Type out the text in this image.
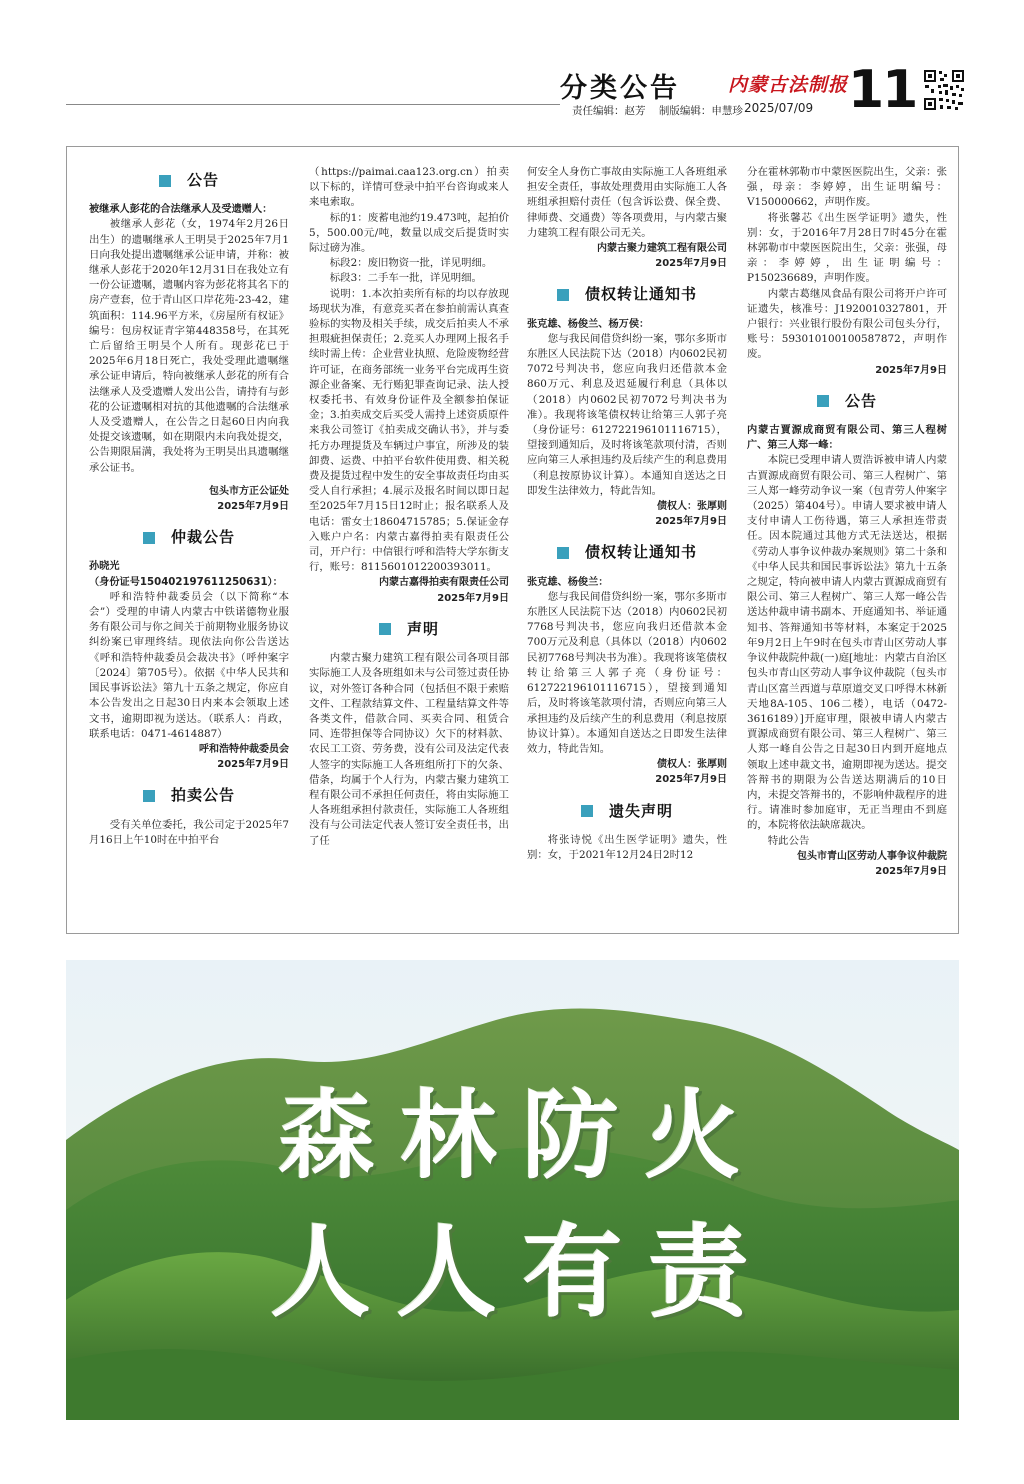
分类公告	内蒙古法制报 11
责任编辑：赵芳 制版编辑：申慧珍 2025/07/09
公告
被继承人彭花的合法继承人及受遗赠人：
被继承人彭花（女，1974年2月26日出生）的遗嘱继承人王明昊于2025年7月1日向我处提出遗嘱继承公证申请，并称：被继承人彭花于2020年12月31日在我处立有一份公证遗嘱，遗嘱内容为彭花将其名下的房产壹套，位于青山区口岸花苑-23-42，建筑面积：114.96平方米，《房屋所有权证》编号：包房权证青字第448358号，在其死亡后留给王明昊个人所有。现彭花已于2025年6月18日死亡，我处受理此遗嘱继承公证申请后，特向被继承人彭花的所有合法继承人及受遗赠人发出公告，请持有与彭花的公证遗嘱相对抗的其他遗嘱的合法继承人及受遗赠人，在公告之日起60日内向我处提交该遗嘱，如在期限内未向我处提交，公告期限届满，我处将为王明昊出具遗嘱继承公证书。
包头市方正公证处
2025年7月9日
仲裁公告
孙晓光
（身份证号150402197611250631）：
呼和浩特仲裁委员会（以下简称“本会”）受理的申请人内蒙古中铁诺德物业服务有限公司与你之间关于前期物业服务协议纠纷案已审理终结。现依法向你公告送达《呼和浩特仲裁委员会裁决书》（呼仲案字〔2024〕第705号）。依据《中华人民共和国民事诉讼法》第九十五条之规定，你应自本公告发出之日起30日内来本会领取上述文书，逾期即视为送达。（联系人：肖政，联系电话：0471-4614887）
呼和浩特仲裁委员会
2025年7月9日
拍卖公告
受有关单位委托，我公司定于2025年7月16日上午10时在中拍平台
（https://paimai.caa123.org.cn）拍卖以下标的，详情可登录中拍平台咨询或来人来电索取。
标的1：废蓄电池约19.473吨，起拍价5，500.00元/吨，数量以成交后提货时实际过磅为准。
标段2：废旧物资一批，详见明细。
标段3：二手车一批，详见明细。
说明：1.本次拍卖所有标的均以存放现场现状为准，有意竞买者在参拍前需认真查验标的实物及相关手续，成交后拍卖人不承担瑕疵担保责任；2.竞买人办理网上报名手续时需上传：企业营业执照、危险废物经营许可证，在商务部统一业务平台完成再生资源企业备案、无行贿犯罪查询记录、法人授权委托书、有效身份证件及全额参拍保证金；3.拍卖成交后买受人需持上述资质原件来我公司签订《拍卖成交确认书》，并与委托方办理提货及车辆过户事宜，所涉及的装卸费、运费、中拍平台软件使用费、相关税费及提货过程中发生的安全事故责任均由买受人自行承担；4.展示及报名时间以即日起至2025年7月15日12时止；报名联系人及电话：雷女士18604715785；5.保证金存入账户户名：内蒙古嘉得拍卖有限责任公司，开户行：中信银行呼和浩特大学东街支行，账号：8115601012200393011。
内蒙古嘉得拍卖有限责任公司
2025年7月9日
声明
内蒙古聚力建筑工程有限公司各项目部实际施工人及各班组如未与公司签过责任协议，对外签订各种合同（包括但不限于索赔文件、工程款结算文件、工程量结算文件等各类文件，借款合同、买卖合同、租赁合同、连带担保等合同协议）欠下的材料款、农民工工资、劳务费，没有公司及法定代表人签字的实际施工人各班组所打下的欠条、借条，均属于个人行为，内蒙古聚力建筑工程有限公司不承担任何责任，将由实际施工人各班组承担付款责任，实际施工人各班组没有与公司法定代表人签订安全责任书，出了任
何安全人身伤亡事故由实际施工人各班组承担安全责任，事故处理费用由实际施工人各班组承担赔付责任（包含诉讼费、保全费、律师费、交通费）等各项费用，与内蒙古聚力建筑工程有限公司无关。
内蒙古聚力建筑工程有限公司
2025年7月9日
债权转让通知书
张克雄、杨俊兰、杨万侯：
您与我民间借贷纠纷一案，鄂尔多斯市东胜区人民法院下达（2018）内0602民初7072号判决书，您应向我归还借款本金860万元、利息及迟延履行利息（具体以（2018）内0602民初7072号判决书为准）。我现将该笔债权转让给第三人郭子亮（身份证号：612722196101116715），望接到通知后，及时将该笔款项付清，否则应向第三人承担违约及后续产生的利息费用（利息按原协议计算）。本通知自送达之日即发生法律效力，特此告知。
债权人：张厚则
2025年7月9日
债权转让通知书
张克雄、杨俊兰：
您与我民间借贷纠纷一案，鄂尔多斯市东胜区人民法院下达（2018）内0602民初7768号判决书，您应向我归还借款本金700万元及利息（具体以（2018）内0602民初7768号判决书为准）。我现将该笔债权转让给第三人郭子亮（身份证号：612722196101116715），望接到通知后，及时将该笔款项付清，否则应向第三人承担违约及后续产生的利息费用（利息按原协议计算）。本通知自送达之日即发生法律效力，特此告知。
债权人：张厚则
2025年7月9日
遗失声明
将张诗悦《出生医学证明》遗失，性别：女，于2021年12月24日2时12
分在霍林郭勒市中蒙医医院出生，父亲：张强，母亲：李婷婷，出生证明编号：V150000662，声明作废。
将张馨芯《出生医学证明》遗失，性别：女，于2016年7月28日7时45分在霍林郭勒市中蒙医医院出生，父亲：张强，母亲：李婷婷，出生证明编号：P150236689，声明作废。
内蒙古葛继凤食品有限公司将开户许可证遗失，核准号：J1920010327801，开户银行：兴业银行股份有限公司包头分行，账号：593010100100587872，声明作废。
2025年7月9日
公告
内蒙古賈源成商贸有限公司、第三人程树广、第三人郑一峰：
本院已受理申请人贾浩诉被申请人内蒙古賈源成商贸有限公司、第三人程树广、第三人郑一峰劳动争议一案（包青劳人仲案字（2025）第404号）。申请人要求被申请人支付申请人工伤待遇，第三人承担连带责任。因本院通过其他方式无法送达，根据《劳动人事争议仲裁办案规则》第二十条和《中华人民共和国民事诉讼法》第九十五条之规定，特向被申请人内蒙古賈源成商贸有限公司、第三人程树广、第三人郑一峰公告送达仲裁申请书副本、开庭通知书、举证通知书、答辩通知书等材料，本案定于2025年9月2日上午9时在包头市青山区劳动人事争议仲裁院仲裁(一)庭[地址：内蒙古自治区包头市青山区劳动人事争议仲裁院（包头市青山区富兰西道与草原道交叉口呼得木林新天地8A-105、106二楼），电话（0472-3616189）]开庭审理，限被申请人内蒙古賈源成商贸有限公司、第三人程树广、第三人郑一峰自公告之日起30日内到开庭地点领取上述申裁文书，逾期即视为送达。提交答辩书的期限为公告送达期满后的10日内，未提交答辩书的，不影响仲裁程序的进行。请准时参加庭审，无正当理由不到庭的，本院将依法缺席裁决。
特此公告
包头市青山区劳动人事争议仲裁院
2025年7月9日
森林防火
人人有责
